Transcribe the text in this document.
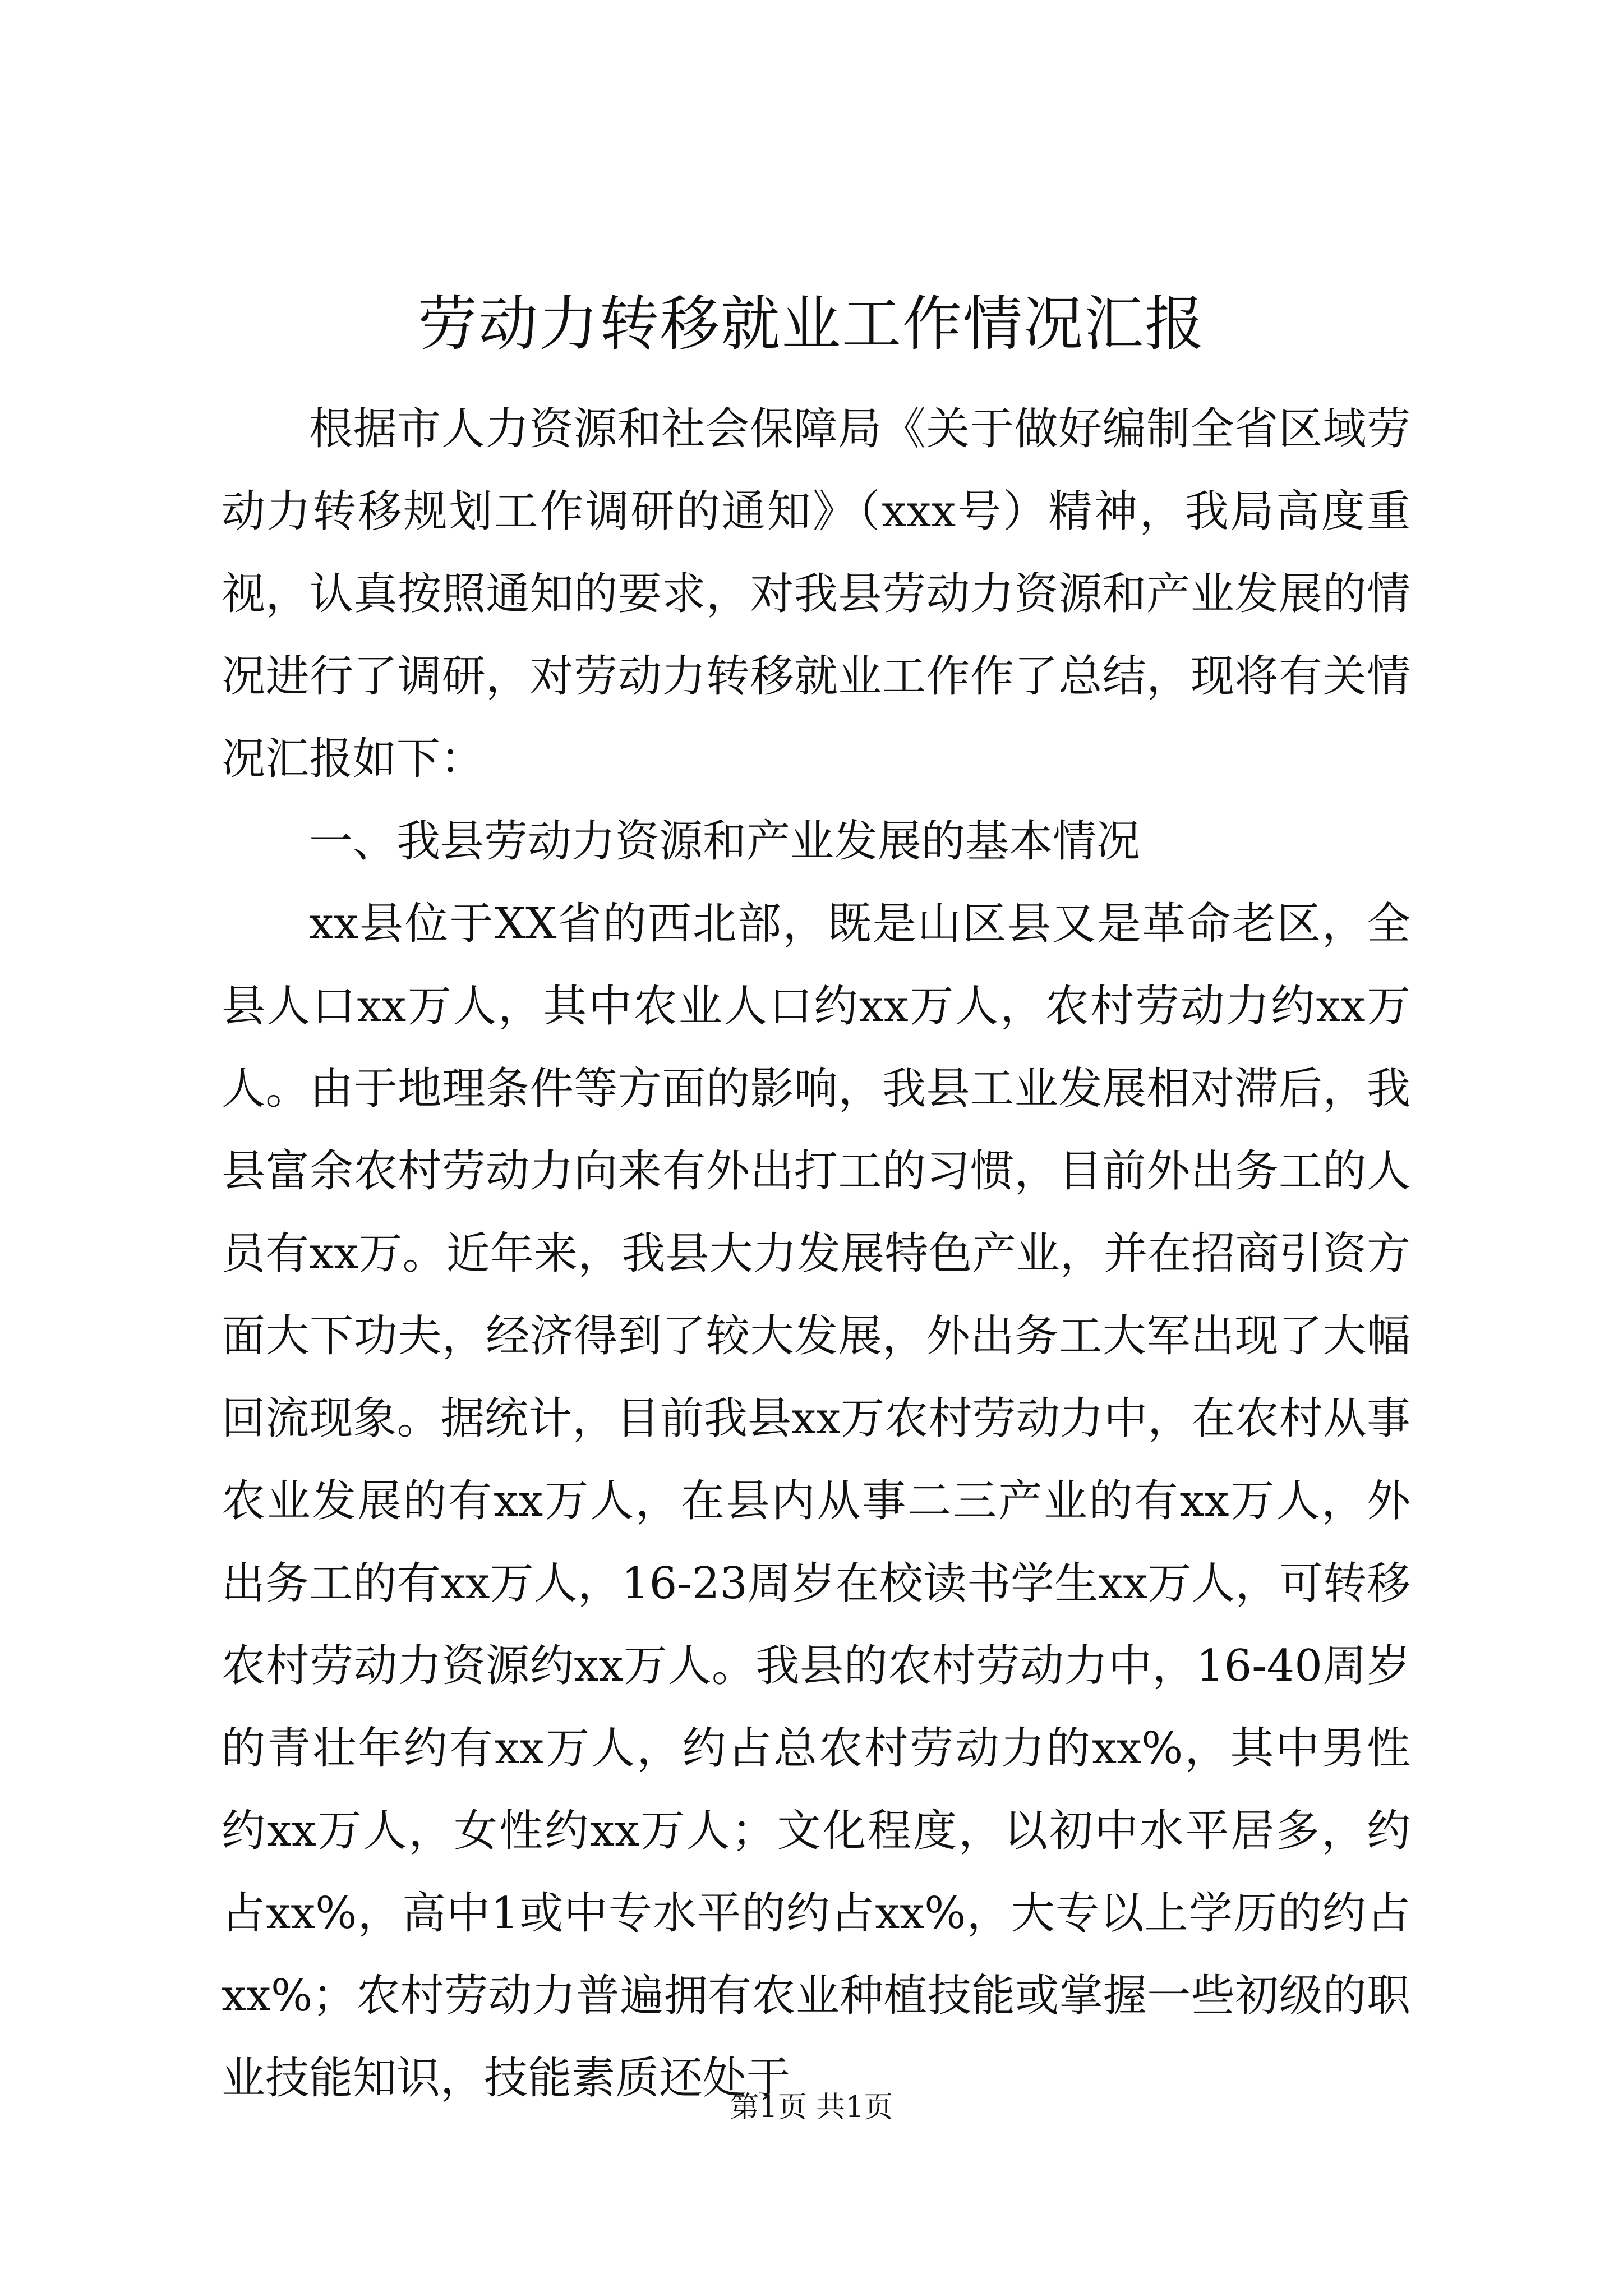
劳动力转移就业工作情况汇报

根据市人力资源和社会保障局《关于做好编制全省区域劳动力转移规划工作调研的通知》（xxx号）精神，我局高度重视，认真按照通知的要求，对我县劳动力资源和产业发展的情况进行了调研，对劳动力转移就业工作作了总结，现将有关情况汇报如下：

一、我县劳动力资源和产业发展的基本情况

xx县位于XX省的西北部，既是山区县又是革命老区，全县人口xx万人，其中农业人口约xx万人，农村劳动力约xx万人。由于地理条件等方面的影响，我县工业发展相对滞后，我县富余农村劳动力向来有外出打工的习惯，目前外出务工的人员有xx万。近年来，我县大力发展特色产业，并在招商引资方面大下功夫，经济得到了较大发展，外出务工大军出现了大幅回流现象。据统计，目前我县xx万农村劳动力中，在农村从事农业发展的有xx万人，在县内从事二三产业的有xx万人，外出务工的有xx万人，16-23周岁在校读书学生xx万人，可转移农村劳动力资源约xx万人。我县的农村劳动力中，16-40周岁的青壮年约有xx万人，约占总农村劳动力的xx%，其中男性约xx万人，女性约xx万人；文化程度，以初中水平居多，约占xx%，高中1或中专水平的约占xx%，大专以上学历的约占xx%；农村劳动力普遍拥有农业种植技能或掌握一些初级的职业技能知识，技能素质还处于

第1页 共1页
